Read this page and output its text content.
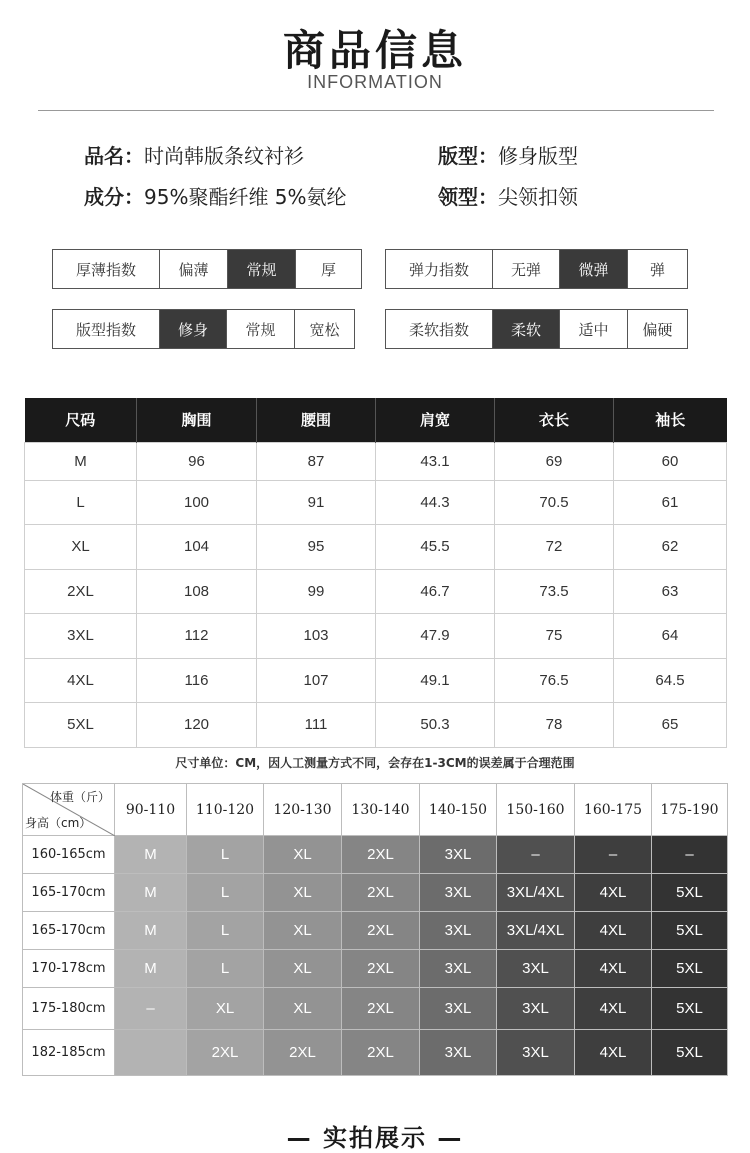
商品信息
INFORMATION
品名：时尚韩版条纹衬衫	版型：修身版型
成分：95%聚酯纤维 5%氨纶	领型：尖领扣领
厚薄指数	偏薄	常规	厚	弹力指数	无弹	微弹	弹
版型指数	修身	常规	宽松	柔软指数	柔软	适中	偏硬
尺码	胸围	腰围	肩宽	衣长	袖长
M	96	87	43.1	69	60
L	100	91	44.3	70.5	61
XL	104	95	45.5	72	62
2XL	108	99	46.7	73.5	63
3XL	112	103	47.9	75	64
4XL	116	107	49.1	76.5	64.5
5XL	120	111	50.3	78	65
尺寸单位：CM，因人工测量方式不同，会存在1-3CM的误差属于合理范围
体重（斤）
身高（cm）	90-110	110-120	120-130	130-140	140-150	150-160	160-175	175-190
160-165cm	M	L	XL	2XL	3XL	–	–	–
165-170cm	M	L	XL	2XL	3XL	3XL/4XL	4XL	5XL
165-170cm	M	L	XL	2XL	3XL	3XL/4XL	4XL	5XL
170-178cm	M	L	XL	2XL	3XL	3XL	4XL	5XL
175-180cm	–	XL	XL	2XL	3XL	3XL	4XL	5XL
182-185cm		2XL	2XL	2XL	3XL	3XL	4XL	5XL
— 实拍展示 —
